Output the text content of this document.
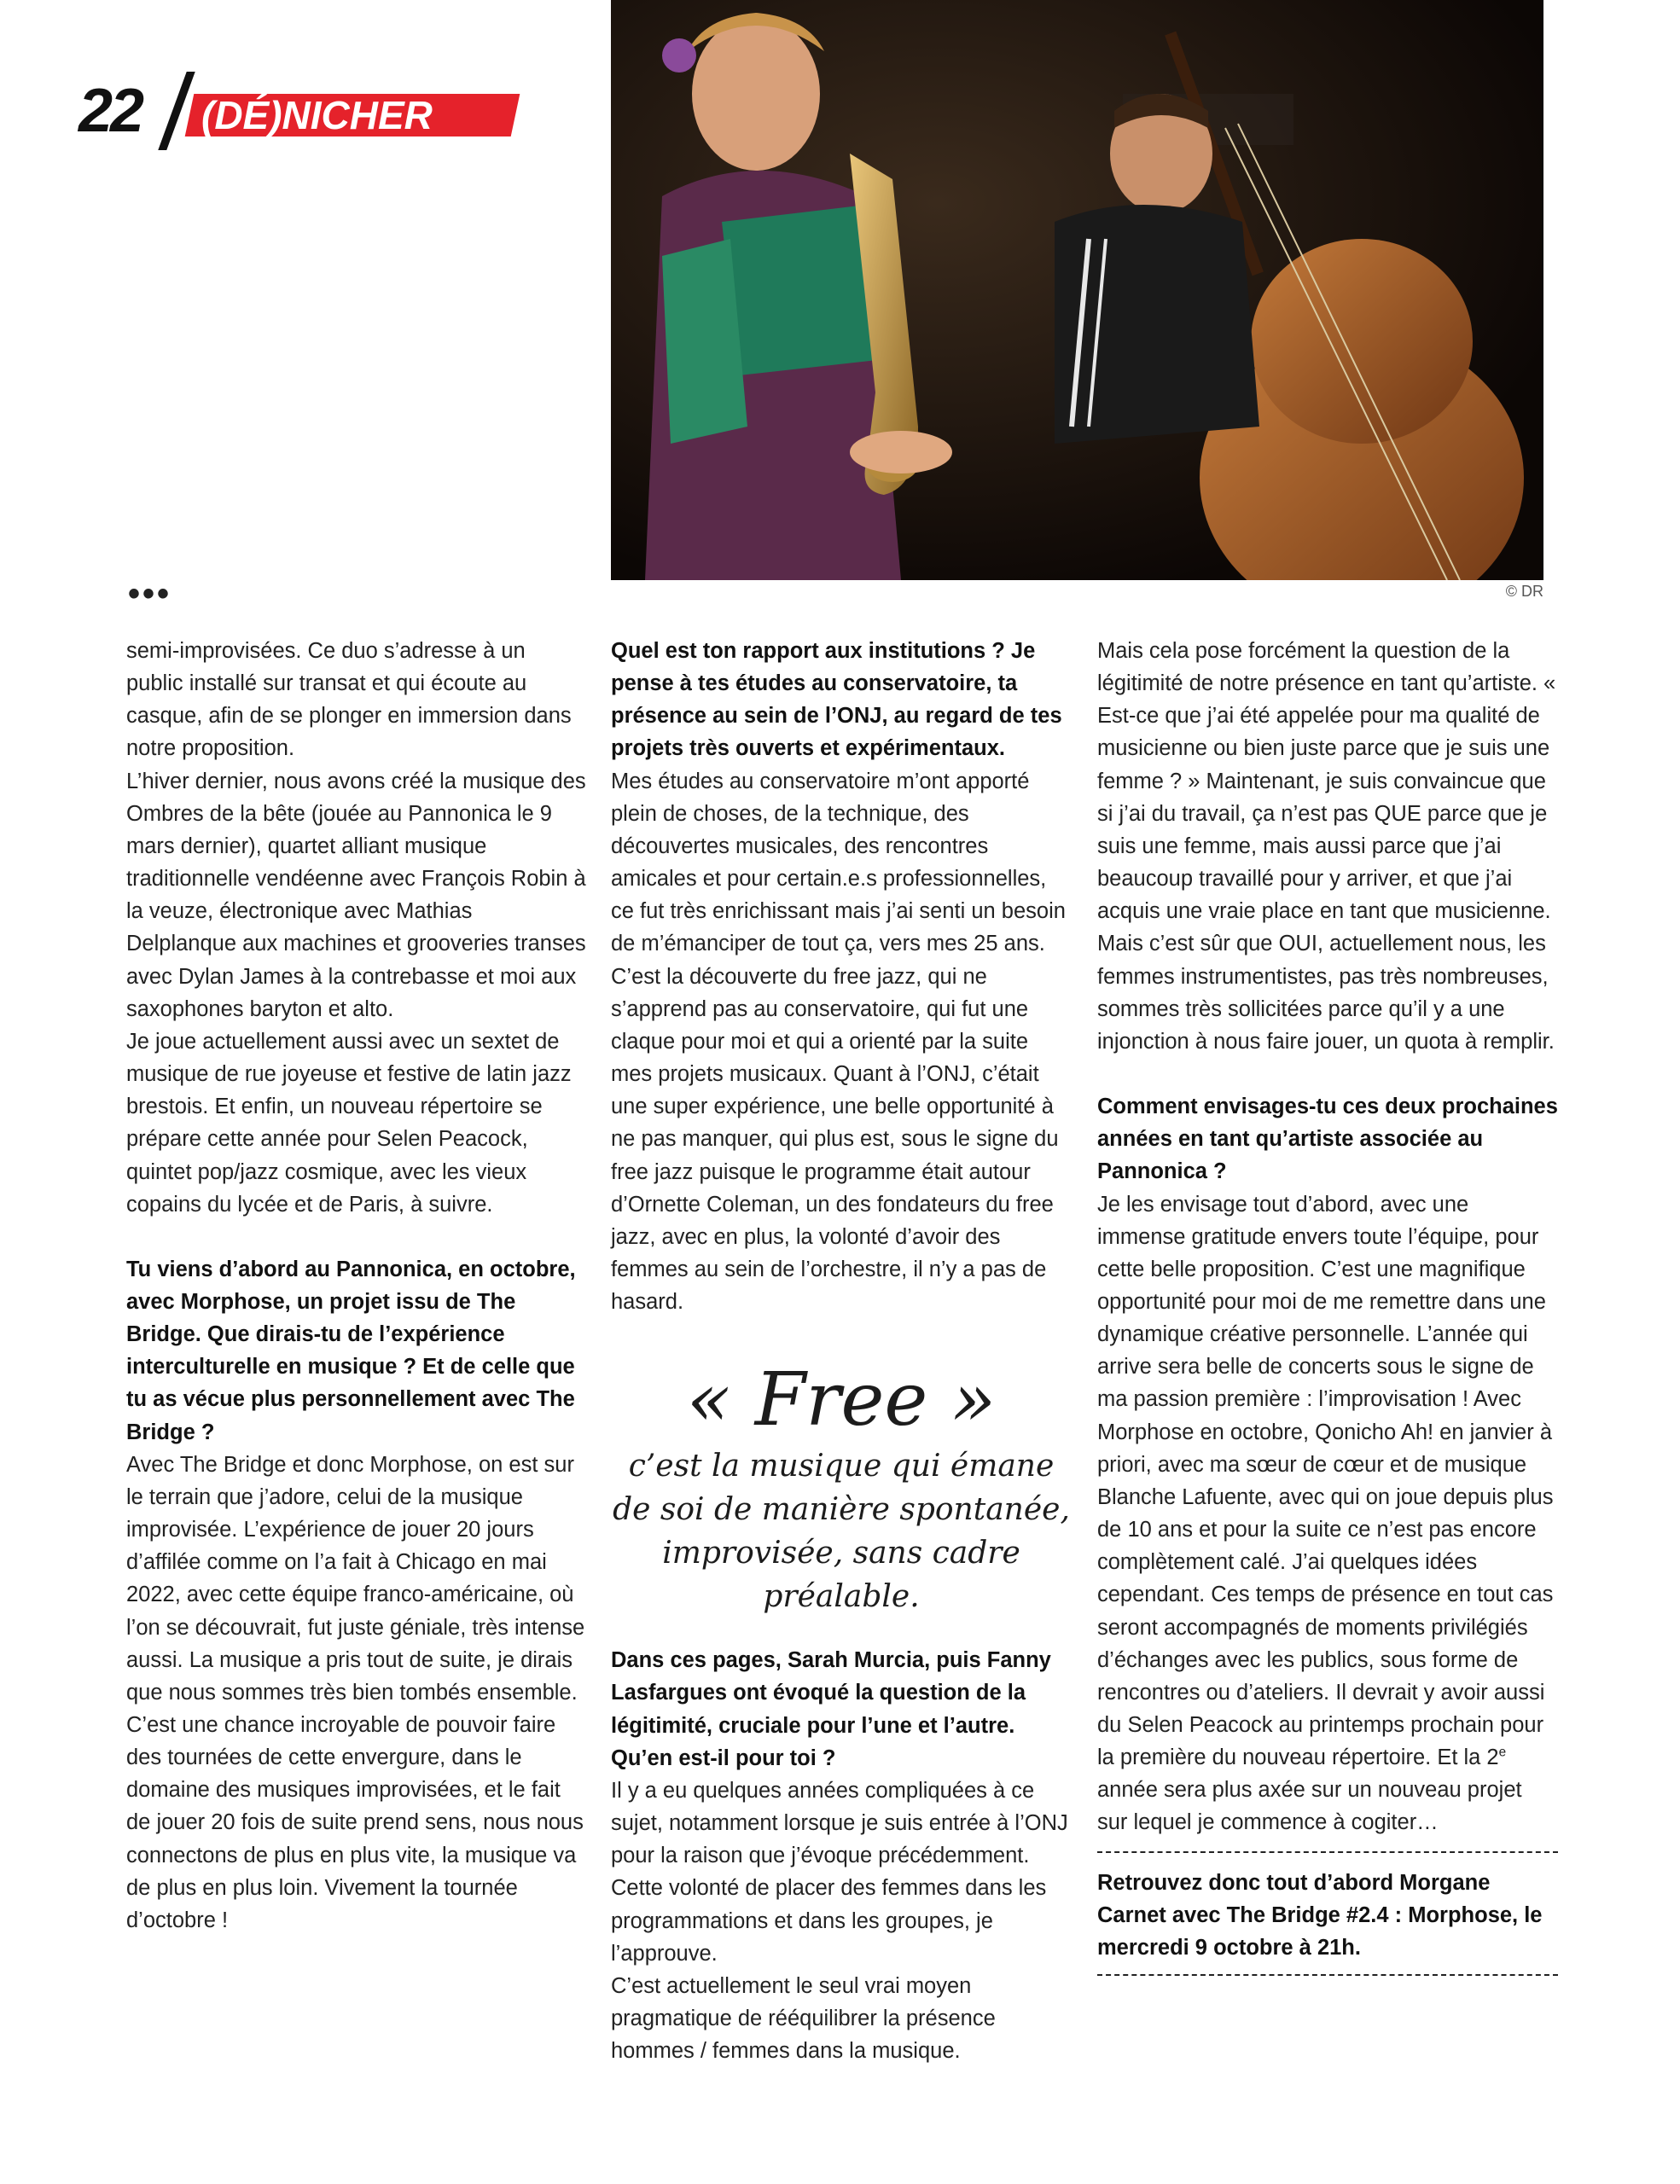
22	(DÉ)NICHER
© DR
•••

semi-improvisées. Ce duo s’adresse à un public installé sur transat et qui écoute au casque, afin de se plonger en immersion dans notre proposition.

L’hiver dernier, nous avons créé la musique des Ombres de la bête (jouée au Pannonica le 9 mars dernier), quartet alliant musique traditionnelle vendéenne avec François Robin à la veuze, électronique avec Mathias Delplanque aux machines et grooveries transes avec Dylan James à la contrebasse et moi aux saxophones baryton et alto.

Je joue actuellement aussi avec un sextet de musique de rue joyeuse et festive de latin jazz brestois. Et enfin, un nouveau répertoire se prépare cette année pour Selen Peacock, quintet pop/jazz cosmique, avec les vieux copains du lycée et de Paris, à suivre.

Tu viens d’abord au Pannonica, en octobre, avec Morphose, un projet issu de The Bridge. Que dirais-tu de l’expérience interculturelle en musique ? Et de celle que tu as vécue plus personnellement avec The Bridge ?

Avec The Bridge et donc Morphose, on est sur le terrain que j’adore, celui de la musique improvisée. L’expérience de jouer 20 jours d’affilée comme on l’a fait à Chicago en mai 2022, avec cette équipe franco-américaine, où l’on se découvrait, fut juste géniale, très intense aussi. La musique a pris tout de suite, je dirais que nous sommes très bien tombés ensemble. C’est une chance incroyable de pouvoir faire des tournées de cette envergure, dans le domaine des musiques improvisées, et le fait de jouer 20 fois de suite prend sens, nous nous connectons de plus en plus vite, la musique va de plus en plus loin. Vivement la tournée d’octobre !

Quel est ton rapport aux institutions ? Je pense à tes études au conservatoire, ta présence au sein de l’ONJ, au regard de tes projets très ouverts et expérimentaux.

Mes études au conservatoire m’ont apporté plein de choses, de la technique, des découvertes musicales, des rencontres amicales et pour certain.e.s professionnelles, ce fut très enrichissant mais j’ai senti un besoin de m’émanciper de tout ça, vers mes 25 ans. C’est la découverte du free jazz, qui ne s’apprend pas au conservatoire, qui fut une claque pour moi et qui a orienté par la suite mes projets musicaux. Quant à l’ONJ, c’était une super expérience, une belle opportunité à ne pas manquer, qui plus est, sous le signe du free jazz puisque le programme était autour d’Ornette Coleman, un des fondateurs du free jazz, avec en plus, la volonté d’avoir des femmes au sein de l’orchestre, il n’y a pas de hasard.

« Free »
c’est la musique qui émane de soi de manière spontanée, improvisée, sans cadre préalable.

Dans ces pages, Sarah Murcia, puis Fanny Lasfargues ont évoqué la question de la légitimité, cruciale pour l’une et l’autre. Qu’en est-il pour toi ?

Il y a eu quelques années compliquées à ce sujet, notamment lorsque je suis entrée à l’ONJ pour la raison que j’évoque précédemment. Cette volonté de placer des femmes dans les programmations et dans les groupes, je l’approuve.

C’est actuellement le seul vrai moyen pragmatique de rééquilibrer la présence hommes / femmes dans la musique.

Mais cela pose forcément la question de la légitimité de notre présence en tant qu’artiste. « Est-ce que j’ai été appelée pour ma qualité de musicienne ou bien juste parce que je suis une femme ? » Maintenant, je suis convaincue que si j’ai du travail, ça n’est pas QUE parce que je suis une femme, mais aussi parce que j’ai beaucoup travaillé pour y arriver, et que j’ai acquis une vraie place en tant que musicienne. Mais c’est sûr que OUI, actuellement nous, les femmes instrumentistes, pas très nombreuses, sommes très sollicitées parce qu’il y a une injonction à nous faire jouer, un quota à remplir.

Comment envisages-tu ces deux prochaines années en tant qu’artiste associée au Pannonica ?

Je les envisage tout d’abord, avec une immense gratitude envers toute l’équipe, pour cette belle proposition. C’est une magnifique opportunité pour moi de me remettre dans une dynamique créative personnelle. L’année qui arrive sera belle de concerts sous le signe de ma passion première : l’improvisation ! Avec Morphose en octobre, Qonicho Ah! en janvier à priori, avec ma sœur de cœur et de musique Blanche Lafuente, avec qui on joue depuis plus de 10 ans et pour la suite ce n’est pas encore complètement calé. J’ai quelques idées cependant. Ces temps de présence en tout cas seront accompagnés de moments privilégiés d’échanges avec les publics, sous forme de rencontres ou d’ateliers. Il devrait y avoir aussi du Selen Peacock au printemps prochain pour la première du nouveau répertoire. Et la 2e année sera plus axée sur un nouveau projet sur lequel je commence à cogiter…

Retrouvez donc tout d’abord Morgane Carnet avec The Bridge #2.4 : Morphose, le mercredi 9 octobre à 21h.
